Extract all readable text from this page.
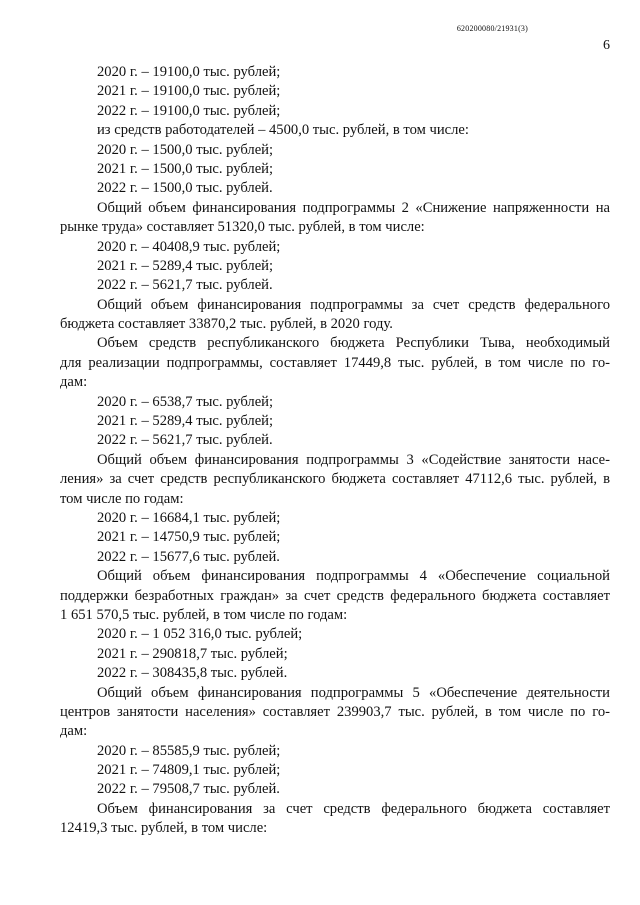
620200080/21931(3)
6
2020 г. – 19100,0 тыс. рублей;
2021 г. – 19100,0 тыс. рублей;
2022 г. – 19100,0 тыс. рублей;
из средств работодателей – 4500,0 тыс. рублей, в том числе:
2020 г. – 1500,0 тыс. рублей;
2021 г. – 1500,0 тыс. рублей;
2022 г. – 1500,0 тыс. рублей.
Общий объем финансирования подпрограммы 2 «Снижение напряженности на
рынке труда» составляет 51320,0 тыс. рублей, в том числе:
2020 г. – 40408,9 тыс. рублей;
2021 г. – 5289,4 тыс. рублей;
2022 г. – 5621,7 тыс. рублей.
Общий объем финансирования подпрограммы за счет средств федерального
бюджета составляет 33870,2 тыс. рублей, в 2020 году.
Объем средств республиканского бюджета Республики Тыва, необходимый
для реализации подпрограммы, составляет 17449,8 тыс. рублей, в том числе по го-
дам:
2020 г. – 6538,7 тыс. рублей;
2021 г. – 5289,4 тыс. рублей;
2022 г. – 5621,7 тыс. рублей.
Общий объем финансирования подпрограммы 3 «Содействие занятости насе-
ления» за счет средств республиканского бюджета составляет 47112,6 тыс. рублей, в
том числе по годам:
2020 г. – 16684,1 тыс. рублей;
2021 г. – 14750,9 тыс. рублей;
2022 г. – 15677,6 тыс. рублей.
Общий объем финансирования подпрограммы 4 «Обеспечение социальной
поддержки безработных граждан» за счет средств федерального бюджета составляет
1 651 570,5 тыс. рублей, в том числе по годам:
2020 г. – 1 052 316,0 тыс. рублей;
2021 г. – 290818,7 тыс. рублей;
2022 г. – 308435,8 тыс. рублей.
Общий объем финансирования подпрограммы 5 «Обеспечение деятельности
центров занятости населения» составляет 239903,7 тыс. рублей, в том числе по го-
дам:
2020 г. – 85585,9 тыс. рублей;
2021 г. – 74809,1 тыс. рублей;
2022 г. – 79508,7 тыс. рублей.
Объем финансирования за счет средств федерального бюджета составляет
12419,3 тыс. рублей, в том числе:
